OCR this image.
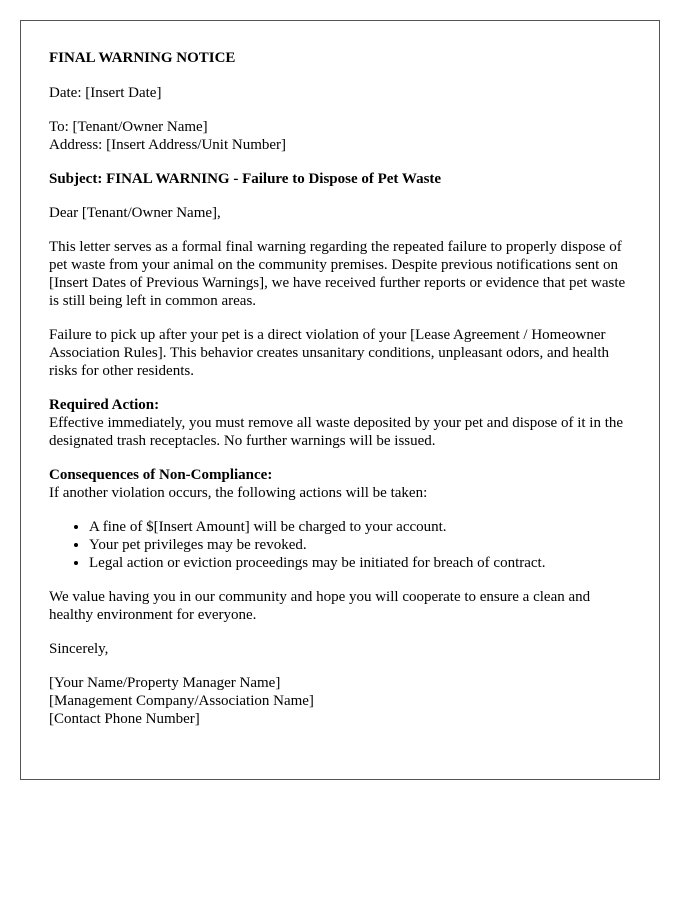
FINAL WARNING NOTICE

Date: [Insert Date]

To: [Tenant/Owner Name]
Address: [Insert Address/Unit Number]

Subject: FINAL WARNING - Failure to Dispose of Pet Waste

Dear [Tenant/Owner Name],

This letter serves as a formal final warning regarding the repeated failure to properly dispose of pet waste from your animal on the community premises. Despite previous notifications sent on [Insert Dates of Previous Warnings], we have received further reports or evidence that pet waste is still being left in common areas.

Failure to pick up after your pet is a direct violation of your [Lease Agreement / Homeowner Association Rules]. This behavior creates unsanitary conditions, unpleasant odors, and health risks for other residents.

Required Action:
Effective immediately, you must remove all waste deposited by your pet and dispose of it in the designated trash receptacles. No further warnings will be issued.

Consequences of Non-Compliance:
If another violation occurs, the following actions will be taken:
• A fine of $[Insert Amount] will be charged to your account.
• Your pet privileges may be revoked.
• Legal action or eviction proceedings may be initiated for breach of contract.

We value having you in our community and hope you will cooperate to ensure a clean and healthy environment for everyone.

Sincerely,

[Your Name/Property Manager Name]
[Management Company/Association Name]
[Contact Phone Number]
